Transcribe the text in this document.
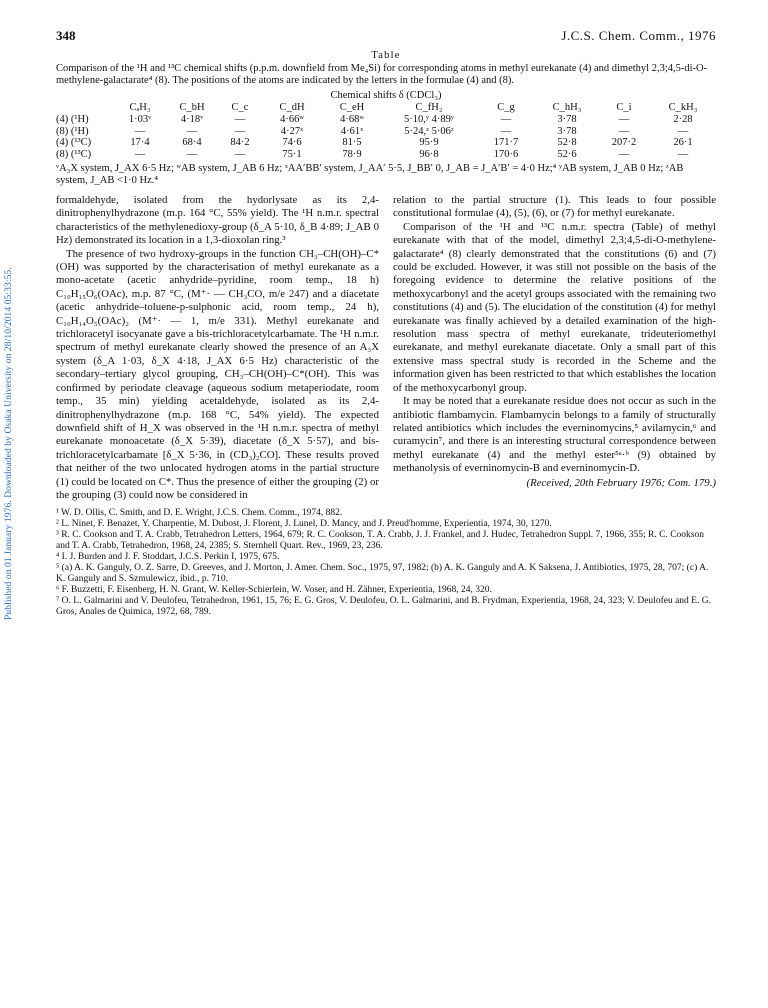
Published on 01 January 1976. Downloaded by Osaka University on 28/10/2014 05:33:55.
348	J.C.S. Chem. Comm., 1976
Table
Comparison of the ¹H and ¹³C chemical shifts (p.p.m. downfield from Me₄Si) for corresponding atoms in methyl eurekanate (4) and dimethyl 2,3;4,5-di-O-methylene-galactarate⁴ (8). The positions of the atoms are indicated by the letters in the formulae (4) and (8).
Chemical shifts δ (CDCl₃)
	CₐH₃	C_bH	C_c	C_dH	C_eH	C_fH₂	C_g	C_hH₃	C_i	C_kH₃
(4) (¹H)	1·03ᵛ	4·18ᵛ	—	4·66ʷ	4·68ʷ	5·10,ʸ 4·89ʸ	—	3·78	—	2·28
(8) (¹H)	—	—	—	4·27ˣ	4·61ˣ	5·24,ᶻ 5·06ᶻ	—	3·78	—	—
(4) (¹³C)	17·4	68·4	84·2	74·6	81·5	95·9	171·7	52·8	207·2	26·1
(8) (¹³C)	—	—	—	75·1	78·9	96·8	170·6	52·6	—	—
ᵛA₃X system, J_AX 6·5 Hz; ʷAB system, J_AB 6 Hz; ˣAA′BB′ system, J_AA′ 5·5, J_BB′ 0, J_AB = J_A′B′ = 4·0 Hz;⁴ ʸAB system, J_AB 0 Hz; ᶻAB system, J_AB <1·0 Hz.⁴

formaldehyde, isolated from the hydorlysate as its 2,4-dinitrophenylhydrazone (m.p. 164 °C, 55% yield). The ¹H n.m.r. spectral characteristics of the methylenedioxy-group (δ_A 5·10, δ_B 4·89; J_AB 0 Hz) demonstrated its location in a 1,3-dioxolan ring.³

The presence of two hydroxy-groups in the function CH₃–CH(OH)–C*(OH) was supported by the characterisation of methyl eurekanate as a mono-acetate (acetic anhydride–pyridine, room temp., 18 h) C₁₀H₁₅O₆(OAc), m.p. 87 °C, (M⁺· — CH₃CO, m/e 247) and a diacetate (acetic anhydride–toluene-p-sulphonic acid, room temp., 24 h), C₁₀H₁₄O₅(OAc)₂ (M⁺· — 1, m/e 331). Methyl eurekanate and trichloracetyl isocyanate gave a bis-trichloracetylcarbamate. The ¹H n.m.r. spectrum of methyl eurekanate clearly showed the presence of an A₃X system (δ_A 1·03, δ_X 4·18, J_AX 6·5 Hz) characteristic of the secondary–tertiary glycol grouping, CH₃–CH(OH)–C*(OH). This was confirmed by periodate cleavage (aqueous sodium metaperiodate, room temp., 35 min) yielding acetaldehyde, isolated as its 2,4-dinitrophenylhydrazone (m.p. 168 °C, 54% yield). The expected downfield shift of H_X was observed in the ¹H n.m.r. spectra of methyl eurekanate monoacetate (δ_X 5·39), diacetate (δ_X 5·57), and bis-trichloracetylcarbamate [δ_X 5·36, in (CD₃)₂CO]. These results proved that neither of the two unlocated hydrogen atoms in the partial structure (1) could be located on C*. Thus the presence of either the grouping (2) or the grouping (3) could now be considered in

relation to the partial structure (1). This leads to four possible constitutional formulae (4), (5), (6), or (7) for methyl eurekanate.

Comparison of the ¹H and ¹³C n.m.r. spectra (Table) of methyl eurekanate with that of the model, dimethyl 2,3;4,5-di-O-methylene-galactarate⁴ (8) clearly demonstrated that the constitutions (6) and (7) could be excluded. However, it was still not possible on the basis of the foregoing evidence to determine the relative positions of the methoxycarbonyl and the acetyl groups associated with the remaining two constitutions (4) and (5). The elucidation of the constitution (4) for methyl eurekanate was finally achieved by a detailed examination of the high-resolution mass spectra of methyl eurekanate, trideuteriomethyl eurekanate, and methyl eurekanate diacetate. Only a small part of this extensive mass spectral study is recorded in the Scheme and the information given has been restricted to that which establishes the location of the methoxycarbonyl group.

It may be noted that a eurekanate residue does not occur as such in the antibiotic flambamycin. Flambamycin belongs to a family of structurally related antibiotics which includes the everninomycins,⁵ avilamycin,⁶ and curamycin⁷, and there is an interesting structural correspondence between methyl eurekanate (4) and the methyl ester⁵ᵃ·ᵇ (9) obtained by methanolysis of everninomycin-B and everninomycin-D.

(Received, 20th February 1976; Com. 179.)

¹ W. D. Ollis, C. Smith, and D. E. Wright, J.C.S. Chem. Comm., 1974, 882.

² L. Ninet, F. Benazet, Y. Charpentie, M. Dubost, J. Florent, J. Lunel, D. Mancy, and J. Preud'homme, Experientia, 1974, 30, 1270.

³ R. C. Cookson and T. A. Crabb, Tetrahedron Letters, 1964, 679; R. C. Cookson, T. A. Crabb, J. J. Frankel, and J. Hudec, Tetrahedron Suppl. 7, 1966, 355; R. C. Cookson and T. A. Crabb, Tetrahedron, 1968, 24, 2385; S. Sternhell Quart. Rev., 1969, 23, 236.

⁴ I. J. Burden and J. F. Stoddart, J.C.S. Perkin I, 1975, 675.

⁵ (a) A. K. Ganguly, O. Z. Sarre, D. Greeves, and J. Morton, J. Amer. Chem. Soc., 1975, 97, 1982; (b) A. K. Ganguly and A. K Saksena, J. Antibiotics, 1975, 28, 707; (c) A. K. Ganguly and S. Szmulewicz, ibid., p. 710.

⁶ F. Buzzetti, F. Eisenberg, H. N. Grant, W. Keller-Schierlein, W. Voser, and H. Zähner, Experientia, 1968, 24, 320.

⁷ O. L. Galmarini and V. Deulofeu, Tetrahedron, 1961, 15, 76; E. G. Gros, V. Deulofeu, O. L. Galmarini, and B. Frydman, Experientia, 1968, 24, 323; V. Deulofeu and E. G. Gros, Anales de Quimica, 1972, 68, 789.
